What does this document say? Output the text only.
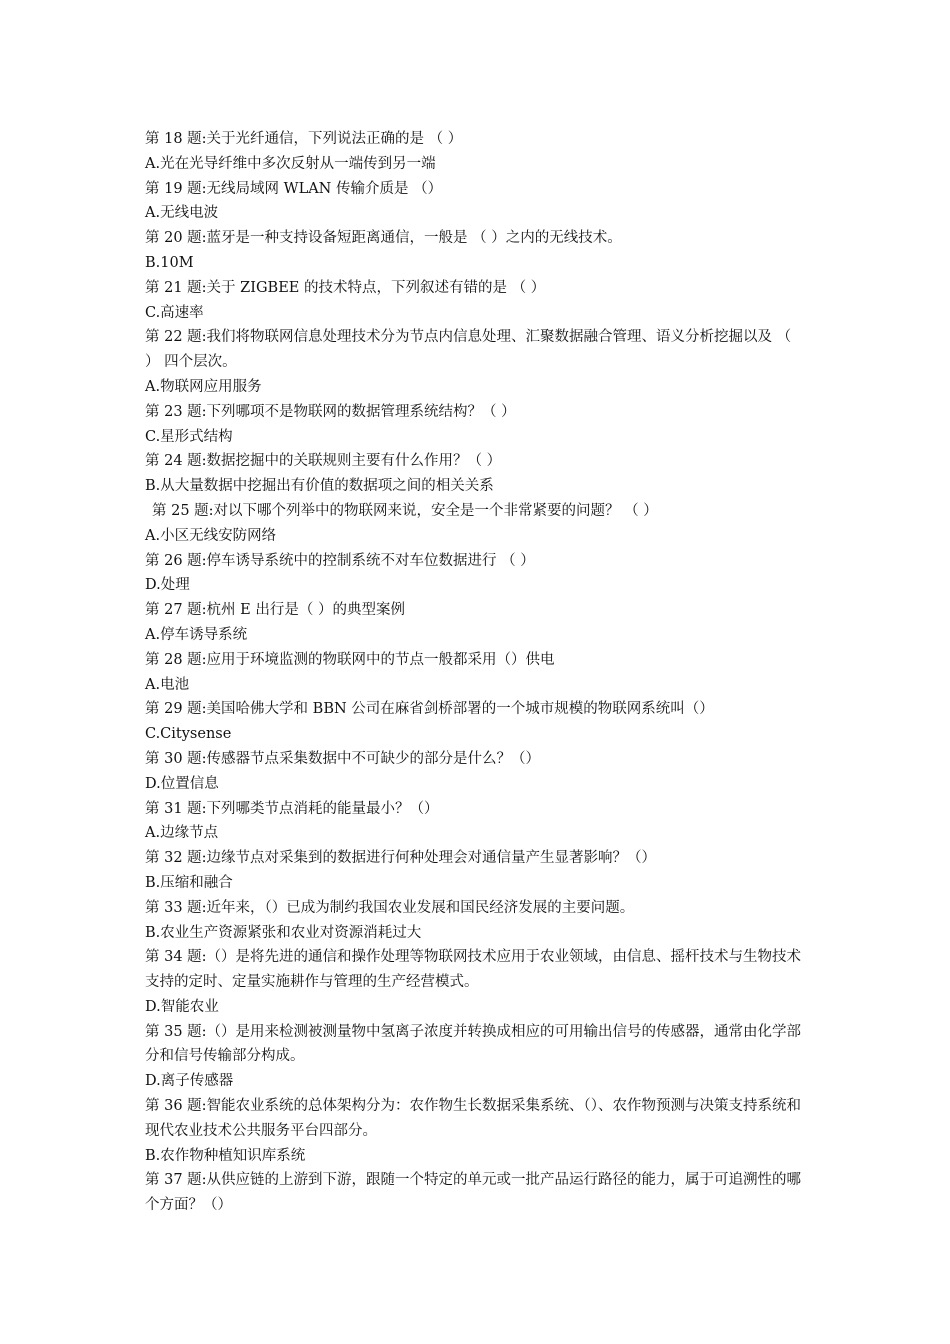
第 18 题:关于光纤通信，下列说法正确的是 （ ）
A.光在光导纤维中多次反射从一端传到另一端
第 19 题:无线局域网 WLAN 传输介质是 （）
A.无线电波
第 20 题:蓝牙是一种支持设备短距离通信，一般是 （ ）之内的无线技术。
B.10M
第 21 题:关于 ZIGBEE 的技术特点，下列叙述有错的是 （ ）
C.高速率
第 22 题:我们将物联网信息处理技术分为节点内信息处理、汇聚数据融合管理、语义分析挖掘以及 （ ） 四个层次。
A.物联网应用服务
第 23 题:下列哪项不是物联网的数据管理系统结构？（ ）
C.星形式结构
第 24 题:数据挖掘中的关联规则主要有什么作用？（ ）
B.从大量数据中挖掘出有价值的数据项之间的相关关系
第 25 题:对以下哪个列举中的物联网来说，安全是一个非常紧要的问题？ （ ）
A.小区无线安防网络
第 26 题:停车诱导系统中的控制系统不对车位数据进行 （ ）
D.处理
第 27 题:杭州 E 出行是（ ）的典型案例
A.停车诱导系统
第 28 题:应用于环境监测的物联网中的节点一般都采用（）供电
A.电池
第 29 题:美国哈佛大学和 BBN 公司在麻省剑桥部署的一个城市规模的物联网系统叫（）
C.Citysense
第 30 题:传感器节点采集数据中不可缺少的部分是什么？（）
D.位置信息
第 31 题:下列哪类节点消耗的能量最小？（）
A.边缘节点
第 32 题:边缘节点对采集到的数据进行何种处理会对通信量产生显著影响？（）
B.压缩和融合
第 33 题:近年来，（）已成为制约我国农业发展和国民经济发展的主要问题。
B.农业生产资源紧张和农业对资源消耗过大
第 34 题:（）是将先进的通信和操作处理等物联网技术应用于农业领域，由信息、摇杆技术与生物技术支持的定时、定量实施耕作与管理的生产经营模式。
D.智能农业
第 35 题:（）是用来检测被测量物中氢离子浓度并转换成相应的可用输出信号的传感器，通常由化学部分和信号传输部分构成。
D.离子传感器
第 36 题:智能农业系统的总体架构分为：农作物生长数据采集系统、（）、农作物预测与决策支持系统和现代农业技术公共服务平台四部分。
B.农作物种植知识库系统
第 37 题:从供应链的上游到下游，跟随一个特定的单元或一批产品运行路径的能力，属于可追溯性的哪个方面？（）
